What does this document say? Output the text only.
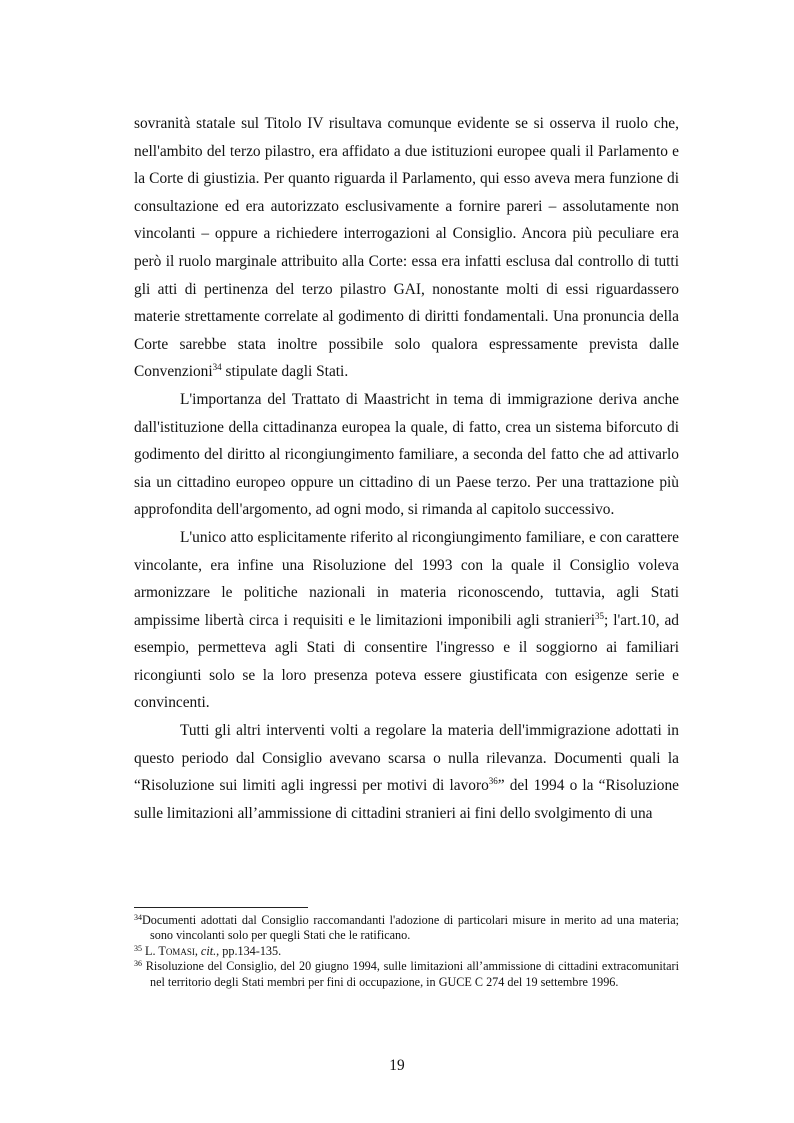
sovranità statale sul Titolo IV risultava comunque evidente se si osserva il ruolo che, nell'ambito del terzo pilastro, era affidato a due istituzioni europee quali il Parlamento e la Corte di giustizia. Per quanto riguarda il Parlamento, qui esso aveva mera funzione di consultazione ed era autorizzato esclusivamente a fornire pareri – assolutamente non vincolanti – oppure a richiedere interrogazioni al Consiglio. Ancora più peculiare era però il ruolo marginale attribuito alla Corte: essa era infatti esclusa dal controllo di tutti gli atti di pertinenza del terzo pilastro GAI, nonostante molti di essi riguardassero materie strettamente correlate al godimento di diritti fondamentali. Una pronuncia della Corte sarebbe stata inoltre possibile solo qualora espressamente prevista dalle Convenzioni$^{34}$ stipulate dagli Stati.

L'importanza del Trattato di Maastricht in tema di immigrazione deriva anche dall'istituzione della cittadinanza europea la quale, di fatto, crea un sistema biforcuto di godimento del diritto al ricongiungimento familiare, a seconda del fatto che ad attivarlo sia un cittadino europeo oppure un cittadino di un Paese terzo. Per una trattazione più approfondita dell'argomento, ad ogni modo, si rimanda al capitolo successivo.

L'unico atto esplicitamente riferito al ricongiungimento familiare, e con carattere vincolante, era infine una Risoluzione del 1993 con la quale il Consiglio voleva armonizzare le politiche nazionali in materia riconoscendo, tuttavia, agli Stati ampissime libertà circa i requisiti e le limitazioni imponibili agli stranieri$^{35}$; l'art.10, ad esempio, permetteva agli Stati di consentire l'ingresso e il soggiorno ai familiari ricongiunti solo se la loro presenza poteva essere giustificata con esigenze serie e convincenti.

Tutti gli altri interventi volti a regolare la materia dell'immigrazione adottati in questo periodo dal Consiglio avevano scarsa o nulla rilevanza. Documenti quali la “Risoluzione sui limiti agli ingressi per motivi di lavoro$^{36}$” del 1994 o la “Risoluzione sulle limitazioni all’ammissione di cittadini stranieri ai fini dello svolgimento di una

$^{34}$Documenti adottati dal Consiglio raccomandanti l'adozione di particolari misure in merito ad una materia; sono vincolanti solo per quegli Stati che le ratificano.

$^{35}$ L. Tomasi, cit., pp.134-135.

$^{36}$ Risoluzione del Consiglio, del 20 giugno 1994, sulle limitazioni all’ammissione di cittadini extracomunitari nel territorio degli Stati membri per fini di occupazione, in GUCE C 274 del 19 settembre 1996.

19
